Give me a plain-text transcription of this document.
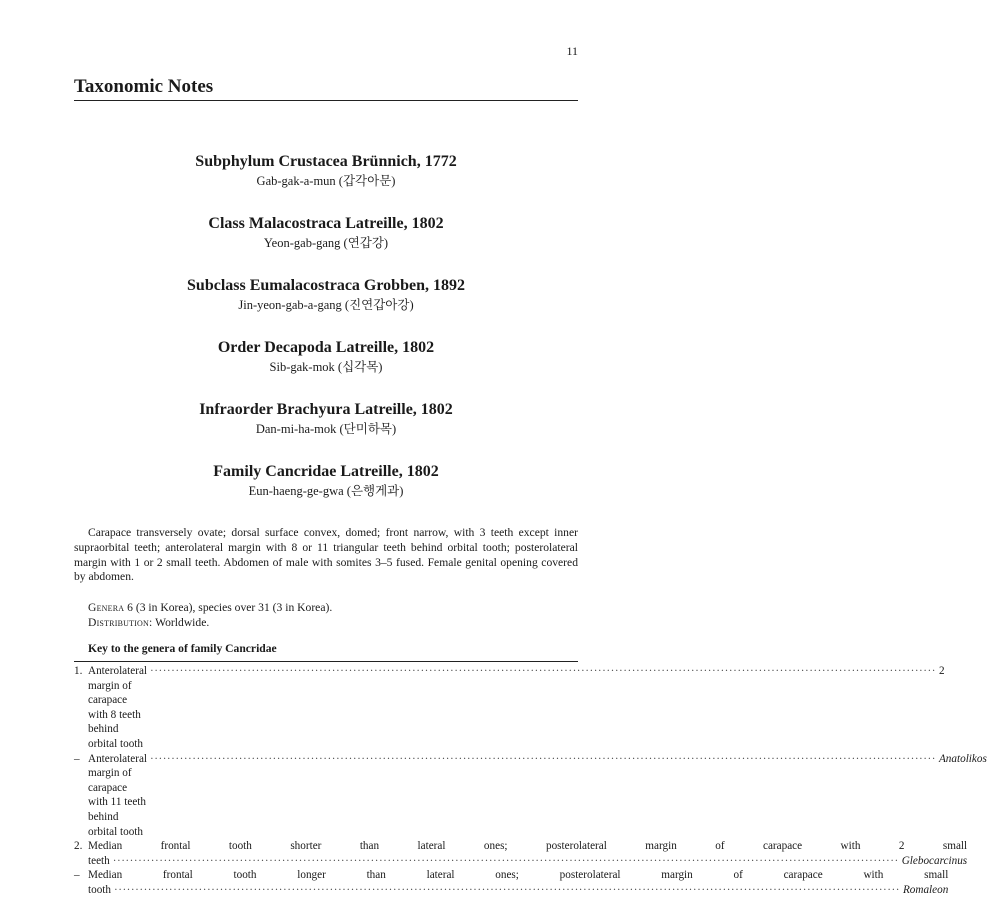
11
Taxonomic Notes
Subphylum Crustacea Brünnich, 1772
Gab-gak-a-mun (갑각아문)
Class Malacostraca Latreille, 1802
Yeon-gab-gang (연갑강)
Subclass Eumalacostraca Grobben, 1892
Jin-yeon-gab-a-gang (진연갑아강)
Order Decapoda Latreille, 1802
Sib-gak-mok (십각목)
Infraorder Brachyura Latreille, 1802
Dan-mi-ha-mok (단미하목)
Family Cancridae Latreille, 1802
Eun-haeng-ge-gwa (은행게과)

Carapace transversely ovate; dorsal surface convex, domed; front narrow, with 3 teeth except inner supraorbital teeth; anterolateral margin with 8 or 11 triangular teeth behind orbital tooth; posterolateral margin with 1 or 2 small teeth. Abdomen of male with somites 3–5 fused. Female genital opening covered by abdomen.

Genera 6 (3 in Korea), species over 31 (3 in Korea).
Distribution: Worldwide.
Key to the genera of family Cancridae
1. Anterolateral margin of carapace with 8 teeth behind orbital tooth
·····
2
– Anterolateral margin of carapace with 11 teeth behind orbital tooth
·····
Anatolikos
2. Median frontal tooth shorter than lateral ones; posterolateral margin of carapace with 2 small
teeth ·····	Glebocarcinus
– Median frontal tooth longer than lateral ones; posterolateral margin of carapace with small
tooth ·····	Romaleon
